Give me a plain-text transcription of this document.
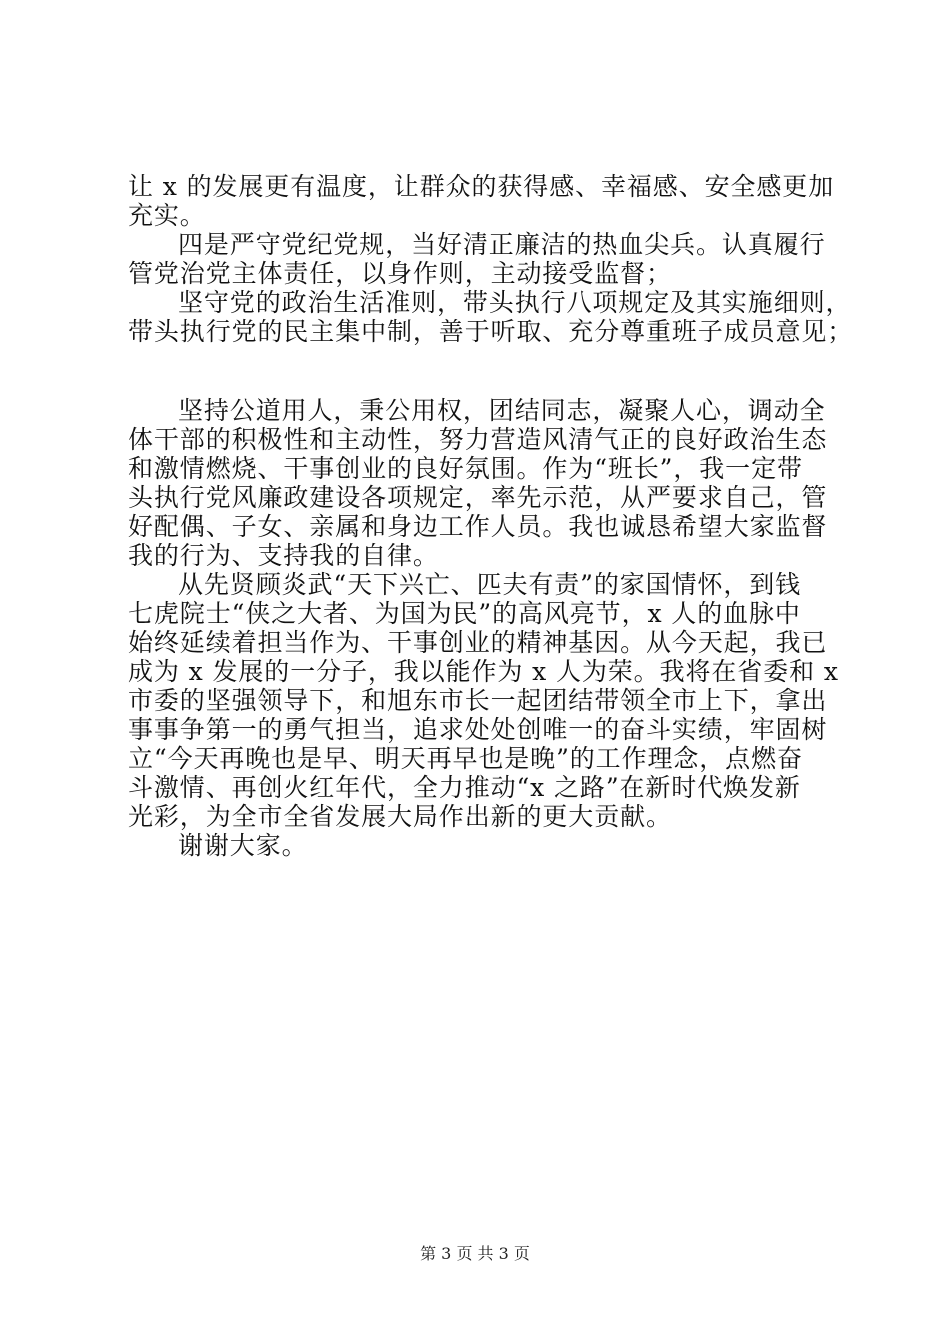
让 x 的发展更有温度，让群众的获得感、幸福感、安全感更加
充实。
四是严守党纪党规，当好清正廉洁的热血尖兵。认真履行
管党治党主体责任，以身作则，主动接受监督；
坚守党的政治生活准则，带头执行八项规定及其实施细则，
带头执行党的民主集中制，善于听取、充分尊重班子成员意见；
坚持公道用人，秉公用权，团结同志，凝聚人心，调动全
体干部的积极性和主动性，努力营造风清气正的良好政治生态
和激情燃烧、干事创业的良好氛围。作为“班长”，我一定带
头执行党风廉政建设各项规定，率先示范，从严要求自己，管
好配偶、子女、亲属和身边工作人员。我也诚恳希望大家监督
我的行为、支持我的自律。
从先贤顾炎武“天下兴亡、匹夫有责”的家国情怀，到钱
七虎院士“侠之大者、为国为民”的高风亮节，x 人的血脉中
始终延续着担当作为、干事创业的精神基因。从今天起，我已
成为 x 发展的一分子，我以能作为 x 人为荣。我将在省委和 x
市委的坚强领导下，和旭东市长一起团结带领全市上下，拿出
事事争第一的勇气担当，追求处处创唯一的奋斗实绩，牢固树
立“今天再晚也是早、明天再早也是晚”的工作理念，点燃奋
斗激情、再创火红年代，全力推动“x 之路”在新时代焕发新
光彩，为全市全省发展大局作出新的更大贡献。
谢谢大家。
第 3 页 共 3 页
